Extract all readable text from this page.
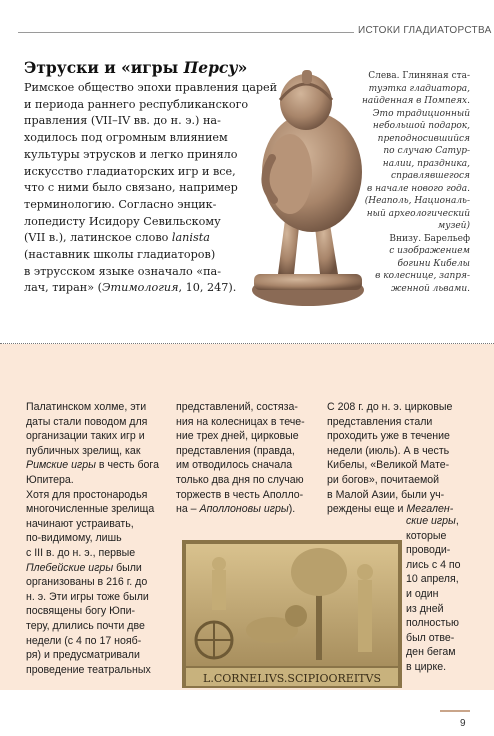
ИСТОКИ ГЛАДИАТОРСТВА
Этруски и «игры Персу»
Римское общество эпохи правления царей
и периода раннего республиканского
правления (VII–IV вв. до н. э.) на-
ходилось под огромным влиянием
культуры этрусков и легко приняло
искусство гладиаторских игр и все,
что с ними было связано, например
терминологию. Согласно энцик-
лопедисту Исидору Севильскому
(VII в.), латинское слово lanista
(наставник школы гладиаторов)
в этрусском языке означало «па-
лач, тиран» (Этимология, 10, 247).
Слева. Глиняная ста-
туэтка гладиатора,
найденная в Помпеях.
Это традиционный
небольшой подарок,
преподносившийся
по случаю Сатур-
налии, праздника,
справлявшегося
в начале нового года.
(Неаполь, Националь-
ный археологический
музей)
Внизу. Барельеф
с изображением
богини Кибелы
в колеснице, запря-
женной львами.
Палатинском холме, эти
даты стали поводом для
организации таких игр и
публичных зрелищ, как
Римские игры в честь бога
Юпитера.
Хотя для простонародья
многочисленные зрелища
начинают устраивать,
по-видимому, лишь
с III в. до н. э., первые
Плебейские игры были
организованы в 216 г. до
н. э. Эти игры тоже были
посвящены богу Юпи-
теру, длились почти две
недели (с 4 по 17 нояб-
ря) и предусматривали
проведение театральных
представлений, состяза-
ния на колесницах в тече-
ние трех дней, цирковые
представления (правда,
им отводилось сначала
только два дня по случаю
торжеств в честь Аполло-
на – Аполлоновы игры).
С 208 г. до н. э. цирковые
представления стали
проходить уже в течение
недели (июль). А в честь
Кибелы, «Великой Мате-
ри богов», почитаемой
в Малой Азии, были уч-
реждены еще и Мегален-
ские игры,
которые
проводи-
лись с 4 по
10 апреля,
и один
из дней
полностью
был отве-
ден бегам
в цирке.
L.CORNELIVS.SCIPIOOREITVS
9
